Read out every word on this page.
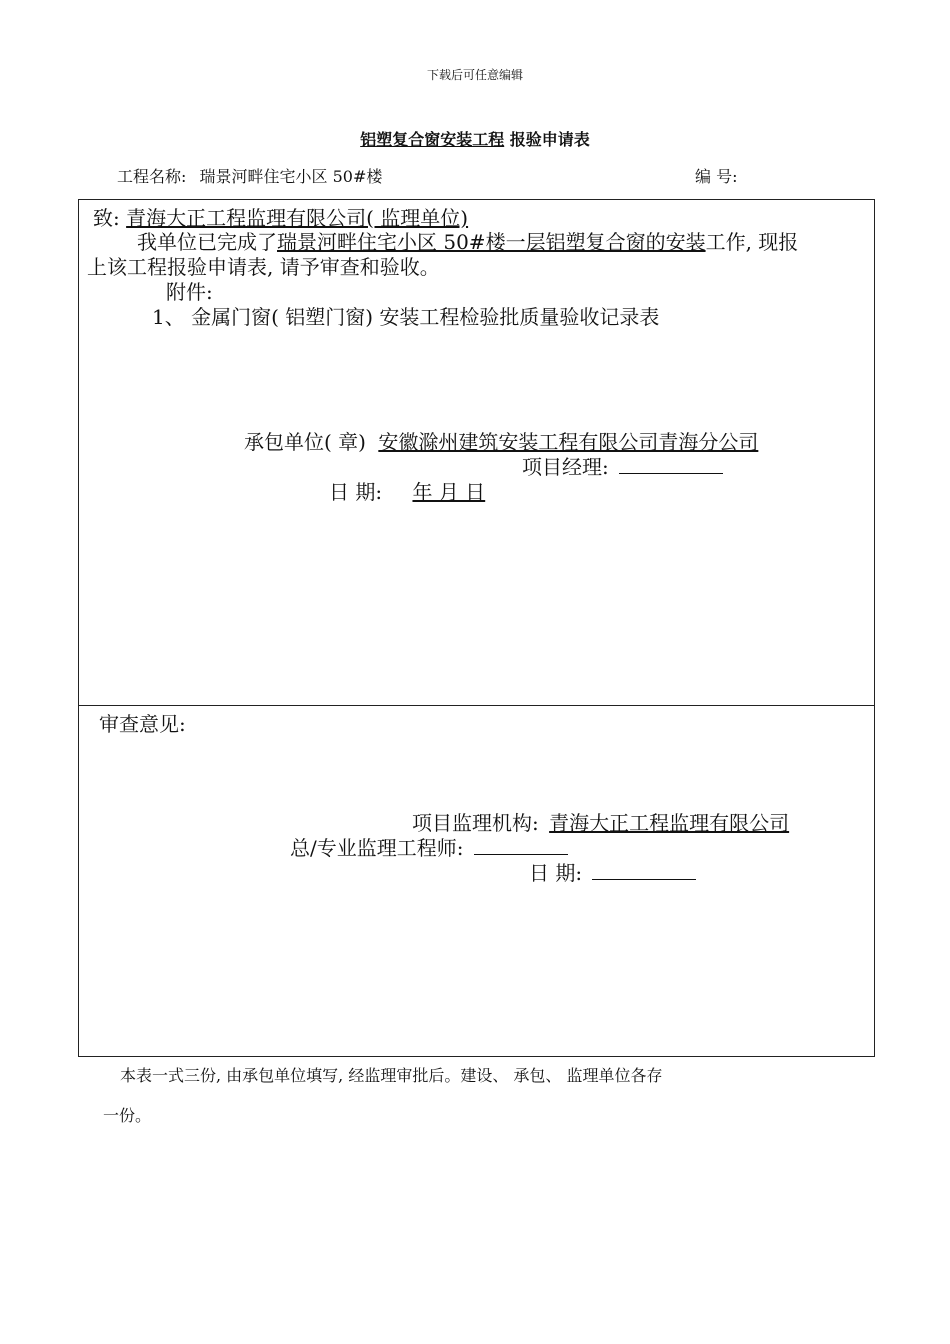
下载后可任意编辑
铝塑复合窗安装工程 报验申请表
工程名称: 瑞景河畔住宅小区 50#楼	编 号:
致: 青海大正工程监理有限公司( 监理单位)
我单位已完成了瑞景河畔住宅小区 50#楼一层铝塑复合窗的安装工作, 现报
上该工程报验申请表, 请予审查和验收。
附件:
1、 金属门窗( 铝塑门窗) 安装工程检验批质量验收记录表
承包单位( 章) 安徽滁州建筑安装工程有限公司青海分公司
项目经理:
日 期: 年 月 日
审查意见:
项目监理机构: 青海大正工程监理有限公司
总/专业监理工程师:
日 期:
本表一式三份, 由承包单位填写, 经监理审批后。建设、 承包、 监理单位各存
一份。
